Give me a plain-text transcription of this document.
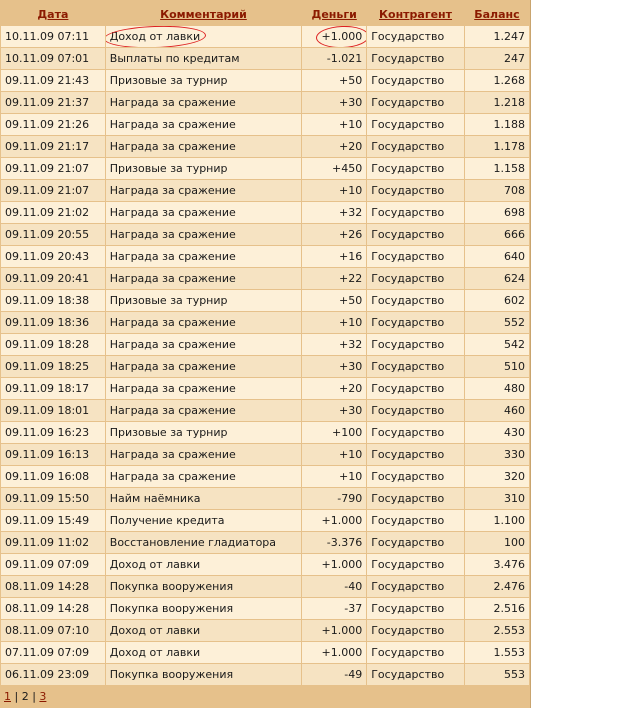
Дата	Комментарий	Деньги	Контрагент	Баланс
10.11.09 07:11	Доход от лавки	+1.000	Государство	1.247
10.11.09 07:01	Выплаты по кредитам	-1.021	Государство	247
09.11.09 21:43	Призовые за турнир	+50	Государство	1.268
09.11.09 21:37	Награда за сражение	+30	Государство	1.218
09.11.09 21:26	Награда за сражение	+10	Государство	1.188
09.11.09 21:17	Награда за сражение	+20	Государство	1.178
09.11.09 21:07	Призовые за турнир	+450	Государство	1.158
09.11.09 21:07	Награда за сражение	+10	Государство	708
09.11.09 21:02	Награда за сражение	+32	Государство	698
09.11.09 20:55	Награда за сражение	+26	Государство	666
09.11.09 20:43	Награда за сражение	+16	Государство	640
09.11.09 20:41	Награда за сражение	+22	Государство	624
09.11.09 18:38	Призовые за турнир	+50	Государство	602
09.11.09 18:36	Награда за сражение	+10	Государство	552
09.11.09 18:28	Награда за сражение	+32	Государство	542
09.11.09 18:25	Награда за сражение	+30	Государство	510
09.11.09 18:17	Награда за сражение	+20	Государство	480
09.11.09 18:01	Награда за сражение	+30	Государство	460
09.11.09 16:23	Призовые за турнир	+100	Государство	430
09.11.09 16:13	Награда за сражение	+10	Государство	330
09.11.09 16:08	Награда за сражение	+10	Государство	320
09.11.09 15:50	Найм наёмника	-790	Государство	310
09.11.09 15:49	Получение кредита	+1.000	Государство	1.100
09.11.09 11:02	Восстановление гладиатора	-3.376	Государство	100
09.11.09 07:09	Доход от лавки	+1.000	Государство	3.476
08.11.09 14:28	Покупка вооружения	-40	Государство	2.476
08.11.09 14:28	Покупка вооружения	-37	Государство	2.516
08.11.09 07:10	Доход от лавки	+1.000	Государство	2.553
07.11.09 07:09	Доход от лавки	+1.000	Государство	1.553
06.11.09 23:09	Покупка вооружения	-49	Государство	553
1 | 2 | 3
